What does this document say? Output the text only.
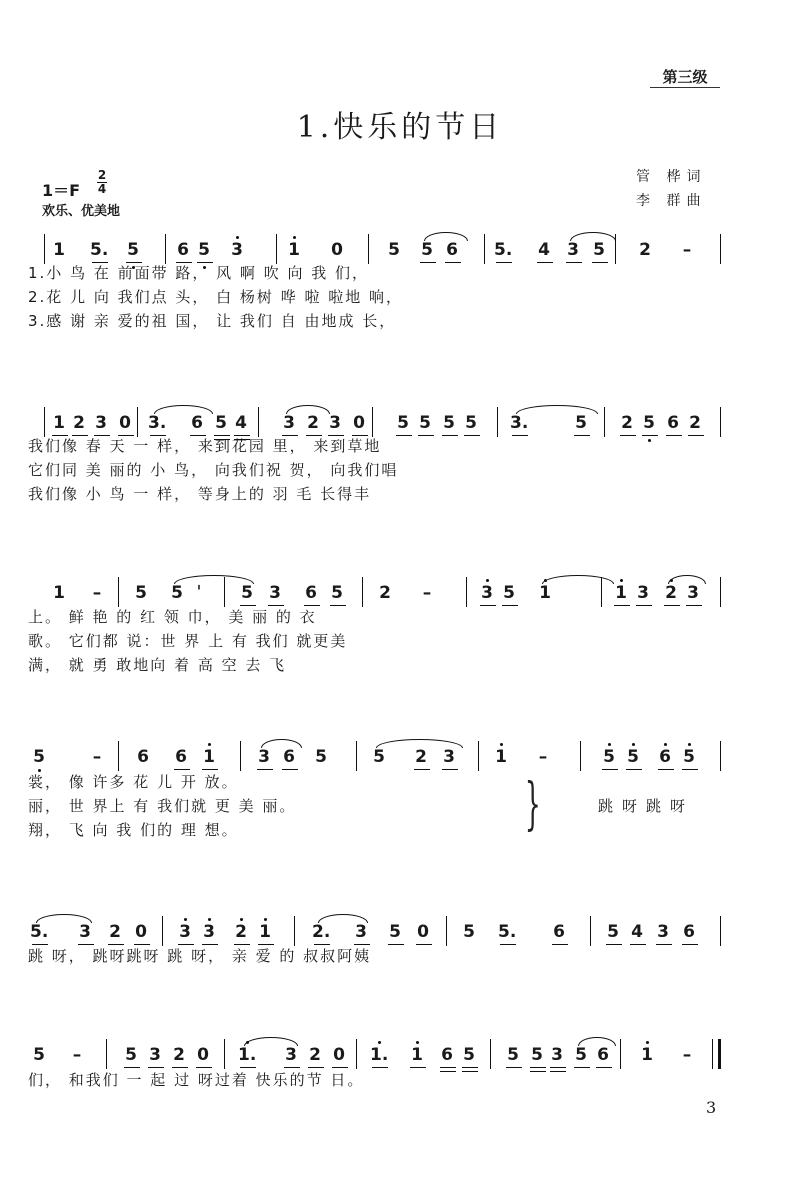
第三级
1.快乐的节日
管 桦词
李 群曲
1＝F
2
4
欢乐、优美地
1 5. 5 6 5 3	1 0	5 5 6 5. 4 3 5 2 –
1.小 鸟 在 前面带 路， 风 啊 吹 向 我 们，
2.花 儿 向 我们点 头， 白 杨树 哗 啦 啦地 响，
3.感 谢 亲 爱的祖 国， 让 我们 自 由地成 长，
1 2 3 0 3. 6 5 4 3 2 3 0 5 5 5 5 3.	5 2 5 6 2
我们像 春 天 一 样， 来到花园 里， 来到草地
它们同 美 丽的 小 鸟， 向我们祝 贺， 向我们唱
我们像 小 鸟 一 样， 等身上的 羽 毛 长得丰
1 – 5 5 ˈ	5 3 6 5 2 –	3 5 1	1 3 2 3
上。 鲜 艳 的 红 领 巾， 美 丽 的 衣
歌。 它们都 说：世 界 上 有 我们 就更美
满， 就 勇 敢地向 着 高 空 去 飞
5	– 6 6 1	3 6 5	5 2 3 1 –	5 5 6 5
裳， 像 许多 花 儿 开 放。
丽， 世 界上 有 我们就 更 美 丽。
翔， 飞 向 我 们的 理 想。
5. 3 2 0 3 3 2 1 2. 3 5 0 5 5. 6 5 4 3 6
跳 呀， 跳呀跳呀 跳 呀， 亲 爱 的 叔叔阿姨
5 –	5 3 2 0 1. 3 2 0 1. 1 6 5 5 5 3 5 6 1 –
们， 和我们 一 起 过 呀过着 快乐的节 日。
}	跳呀跳呀
3
